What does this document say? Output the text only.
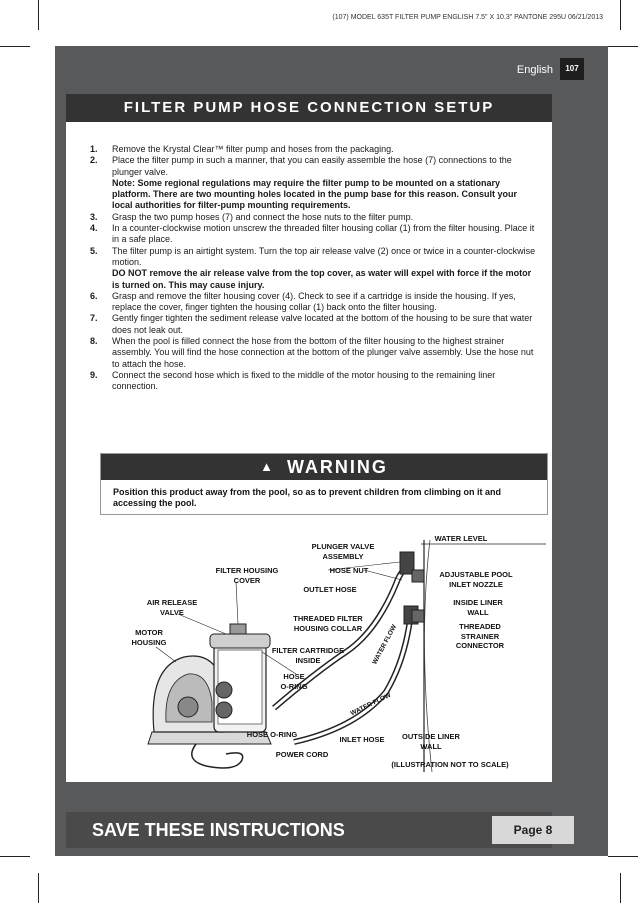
(107) MODEL 635T FILTER PUMP ENGLISH 7.5" X 10.3" PANTONE 295U 06/21/2013
English	107
FILTER PUMP HOSE CONNECTION SETUP
1. Remove the Krystal Clear™ filter pump and hoses from the packaging.
2. Place the filter pump in such a manner, that you can easily assemble the hose (7) connections to the plunger valve.
Note: Some regional regulations may require the filter pump to be mounted on a stationary platform. There are two mounting holes located in the pump base for this reason. Consult your local authorities for filter-pump mounting requirements.
3. Grasp the two pump hoses (7) and connect the hose nuts to the filter pump.
4. In a counter-clockwise motion unscrew the threaded filter housing collar (1) from the filter housing. Place it in a safe place.
5. The filter pump is an airtight system. Turn the top air release valve (2) once or twice in a counter-clockwise motion.
DO NOT remove the air release valve from the top cover, as water will expel with force if the motor is turned on. This may cause injury.
6. Grasp and remove the filter housing cover (4). Check to see if a cartridge is inside the housing. If yes, replace the cover, finger tighten the housing collar (1) back onto the filter housing.
7. Gently finger tighten the sediment release valve located at the bottom of the housing to be sure that water does not leak out.
8. When the pool is filled connect the hose from the bottom of the filter housing to the highest strainer assembly. You will find the hose connection at the bottom of the plunger valve assembly. Use the hose nut to attach the hose.
9. Connect the second hose which is fixed to the middle of the motor housing to the remaining liner connection.
▲ WARNING
Position this product away from the pool, so as to prevent children from climbing on it and accessing the pool.
WATER LEVEL
PLUNGER VALVE
ASSEMBLY
HOSE NUT
OUTLET HOSE
FILTER HOUSING
COVER
ADJUSTABLE POOL
INLET NOZZLE
AIR RELEASE
VALVE
THREADED FILTER
HOUSING COLLAR
INSIDE LINER
WALL
MOTOR
HOUSING
THREADED
STRAINER
CONNECTOR
FILTER CARTRIDGE
INSIDE
HOSE
O-RING
HOSE O-RING
INLET HOSE	OUTSIDE LINER
WALL
POWER CORD
(ILLUSTRATION NOT TO SCALE)
WATER FLOW
WATER FLOW
SAVE THESE INSTRUCTIONS	Page 8
